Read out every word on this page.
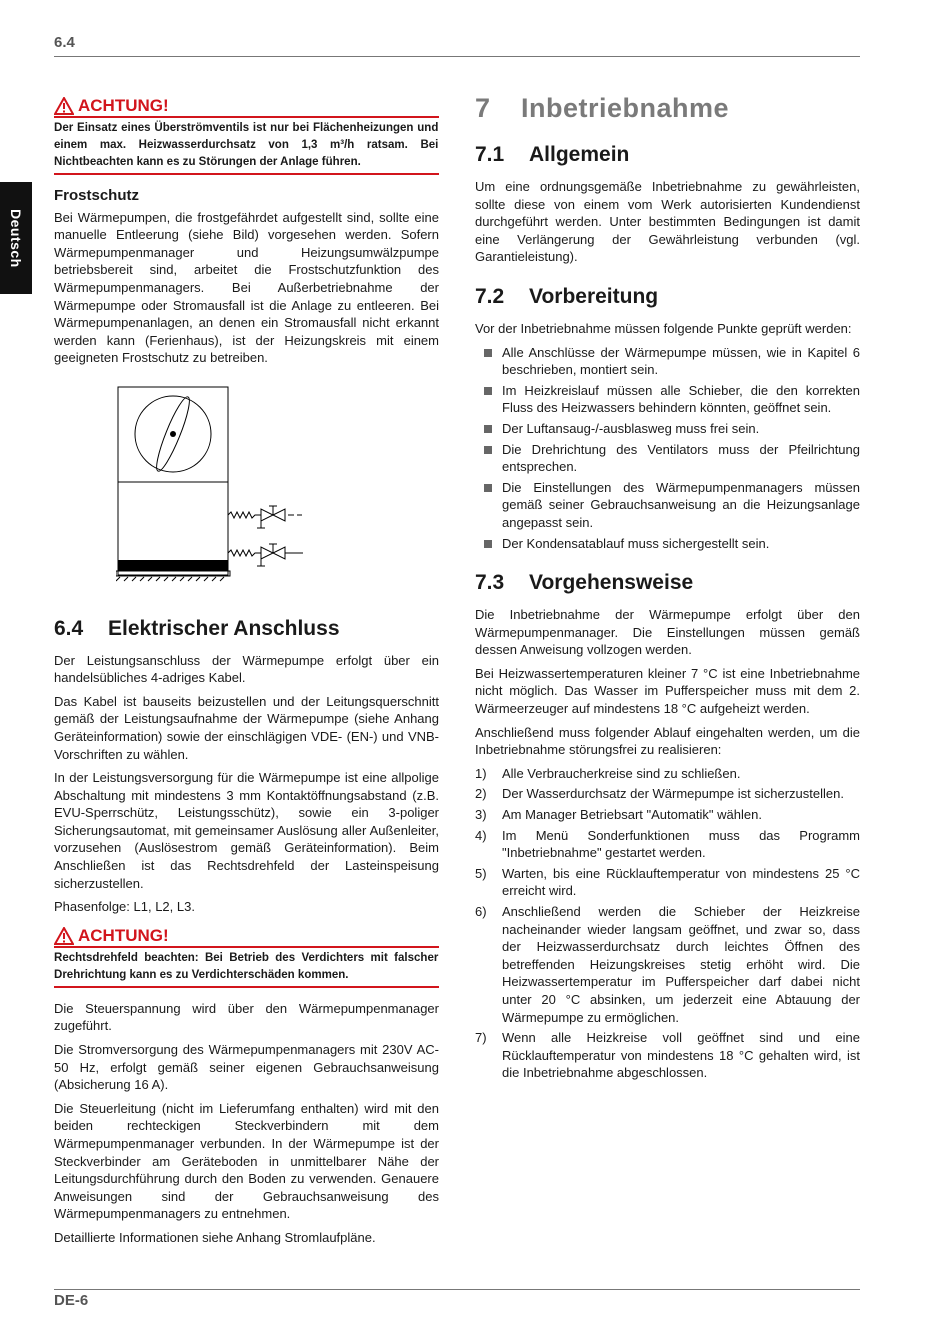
6.4
Deutsch
ACHTUNG!
Der Einsatz eines Überströmventils ist nur bei Flächenheizungen und einem max. Heizwasserdurchsatz von 1,3 m³/h ratsam. Bei Nichtbeachten kann es zu Störungen der Anlage führen.
Frostschutz

Bei Wärmepumpen, die frostgefährdet aufgestellt sind, sollte eine manuelle Entleerung (siehe Bild) vorgesehen werden. Sofern Wärmepumpenmanager und Heizungsumwälzpumpe betriebsbereit sind, arbeitet die Frostschutzfunktion des Wärmepumpenmanagers. Bei Außerbetriebnahme der Wärmepumpe oder Stromausfall ist die Anlage zu entleeren. Bei Wärmepumpenanlagen, an denen ein Stromausfall nicht erkannt werden kann (Ferienhaus), ist der Heizungskreis mit einem geeigneten Frostschutz zu betreiben.

6.4 Elektrischer Anschluss

Der Leistungsanschluss der Wärmepumpe erfolgt über ein handelsübliches 4-adriges Kabel.

Das Kabel ist bauseits beizustellen und der Leitungsquerschnitt gemäß der Leistungsaufnahme der Wärmepumpe (siehe Anhang Geräteinformation) sowie der einschlägigen VDE- (EN-) und VNB-Vorschriften zu wählen.

In der Leistungsversorgung für die Wärmepumpe ist eine allpolige Abschaltung mit mindestens 3 mm Kontaktöffnungsabstand (z.B. EVU-Sperrschütz, Leistungsschütz), sowie ein 3-poliger Sicherungsautomat, mit gemeinsamer Auslösung aller Außenleiter, vorzusehen (Auslösestrom gemäß Geräteinformation). Beim Anschließen ist das Rechtsdrehfeld der Lasteinspeisung sicherzustellen.

Phasenfolge: L1, L2, L3.

ACHTUNG!
Rechtsdrehfeld beachten: Bei Betrieb des Verdichters mit falscher Drehrichtung kann es zu Verdichterschäden kommen.

Die Steuerspannung wird über den Wärmepumpenmanager zugeführt.

Die Stromversorgung des Wärmepumpenmanagers mit 230V AC-50 Hz, erfolgt gemäß seiner eigenen Gebrauchsanweisung (Absicherung 16 A).

Die Steuerleitung (nicht im Lieferumfang enthalten) wird mit den beiden rechteckigen Steckverbindern mit dem Wärmepumpenmanager verbunden. In der Wärmepumpe ist der Steckverbinder am Geräteboden in unmittelbarer Nähe der Leitungsdurchführung durch den Boden zu verwenden. Genauere Anweisungen sind der Gebrauchsanweisung des Wärmepumpenmanagers zu entnehmen.

Detaillierte Informationen siehe Anhang Stromlaufpläne.

7 Inbetriebnahme
7.1 Allgemein

Um eine ordnungsgemäße Inbetriebnahme zu gewährleisten, sollte diese von einem vom Werk autorisierten Kundendienst durchgeführt werden. Unter bestimmten Bedingungen ist damit eine Verlängerung der Gewährleistung verbunden (vgl. Garantieleistung).

7.2 Vorbereitung

Vor der Inbetriebnahme müssen folgende Punkte geprüft werden:

Alle Anschlüsse der Wärmepumpe müssen, wie in Kapitel 6 beschrieben, montiert sein.
Im Heizkreislauf müssen alle Schieber, die den korrekten Fluss des Heizwassers behindern könnten, geöffnet sein.
Der Luftansaug-/-ausblasweg muss frei sein.
Die Drehrichtung des Ventilators muss der Pfeilrichtung entsprechen.
Die Einstellungen des Wärmepumpenmanagers müssen gemäß seiner Gebrauchsanweisung an die Heizungsanlage angepasst sein.
Der Kondensatablauf muss sichergestellt sein.
7.3 Vorgehensweise

Die Inbetriebnahme der Wärmepumpe erfolgt über den Wärmepumpenmanager. Die Einstellungen müssen gemäß dessen Anweisung vollzogen werden.

Bei Heizwassertemperaturen kleiner 7 °C ist eine Inbetriebnahme nicht möglich. Das Wasser im Pufferspeicher muss mit dem 2. Wärmeerzeuger auf mindestens 18 °C aufgeheizt werden.

Anschließend muss folgender Ablauf eingehalten werden, um die Inbetriebnahme störungsfrei zu realisieren:

1)	Alle Verbraucherkreise sind zu schließen.
2)	Der Wasserdurchsatz der Wärmepumpe ist sicherzustellen.
3)	Am Manager Betriebsart "Automatik" wählen.
4)	Im Menü Sonderfunktionen muss das Programm "Inbetriebnahme" gestartet werden.
5)	Warten, bis eine Rücklauftemperatur von mindestens 25 °C erreicht wird.
6)	Anschließend werden die Schieber der Heizkreise nacheinander wieder langsam geöffnet, und zwar so, dass der Heizwasserdurchsatz durch leichtes Öffnen des betreffenden Heizungskreises stetig erhöht wird. Die Heizwassertemperatur im Pufferspeicher darf dabei nicht unter 20 °C absinken, um jederzeit eine Abtauung der Wärmepumpe zu ermöglichen.
7)	Wenn alle Heizkreise voll geöffnet sind und eine Rücklauftemperatur von mindestens 18 °C gehalten wird, ist die Inbetriebnahme abgeschlossen.
DE-6
